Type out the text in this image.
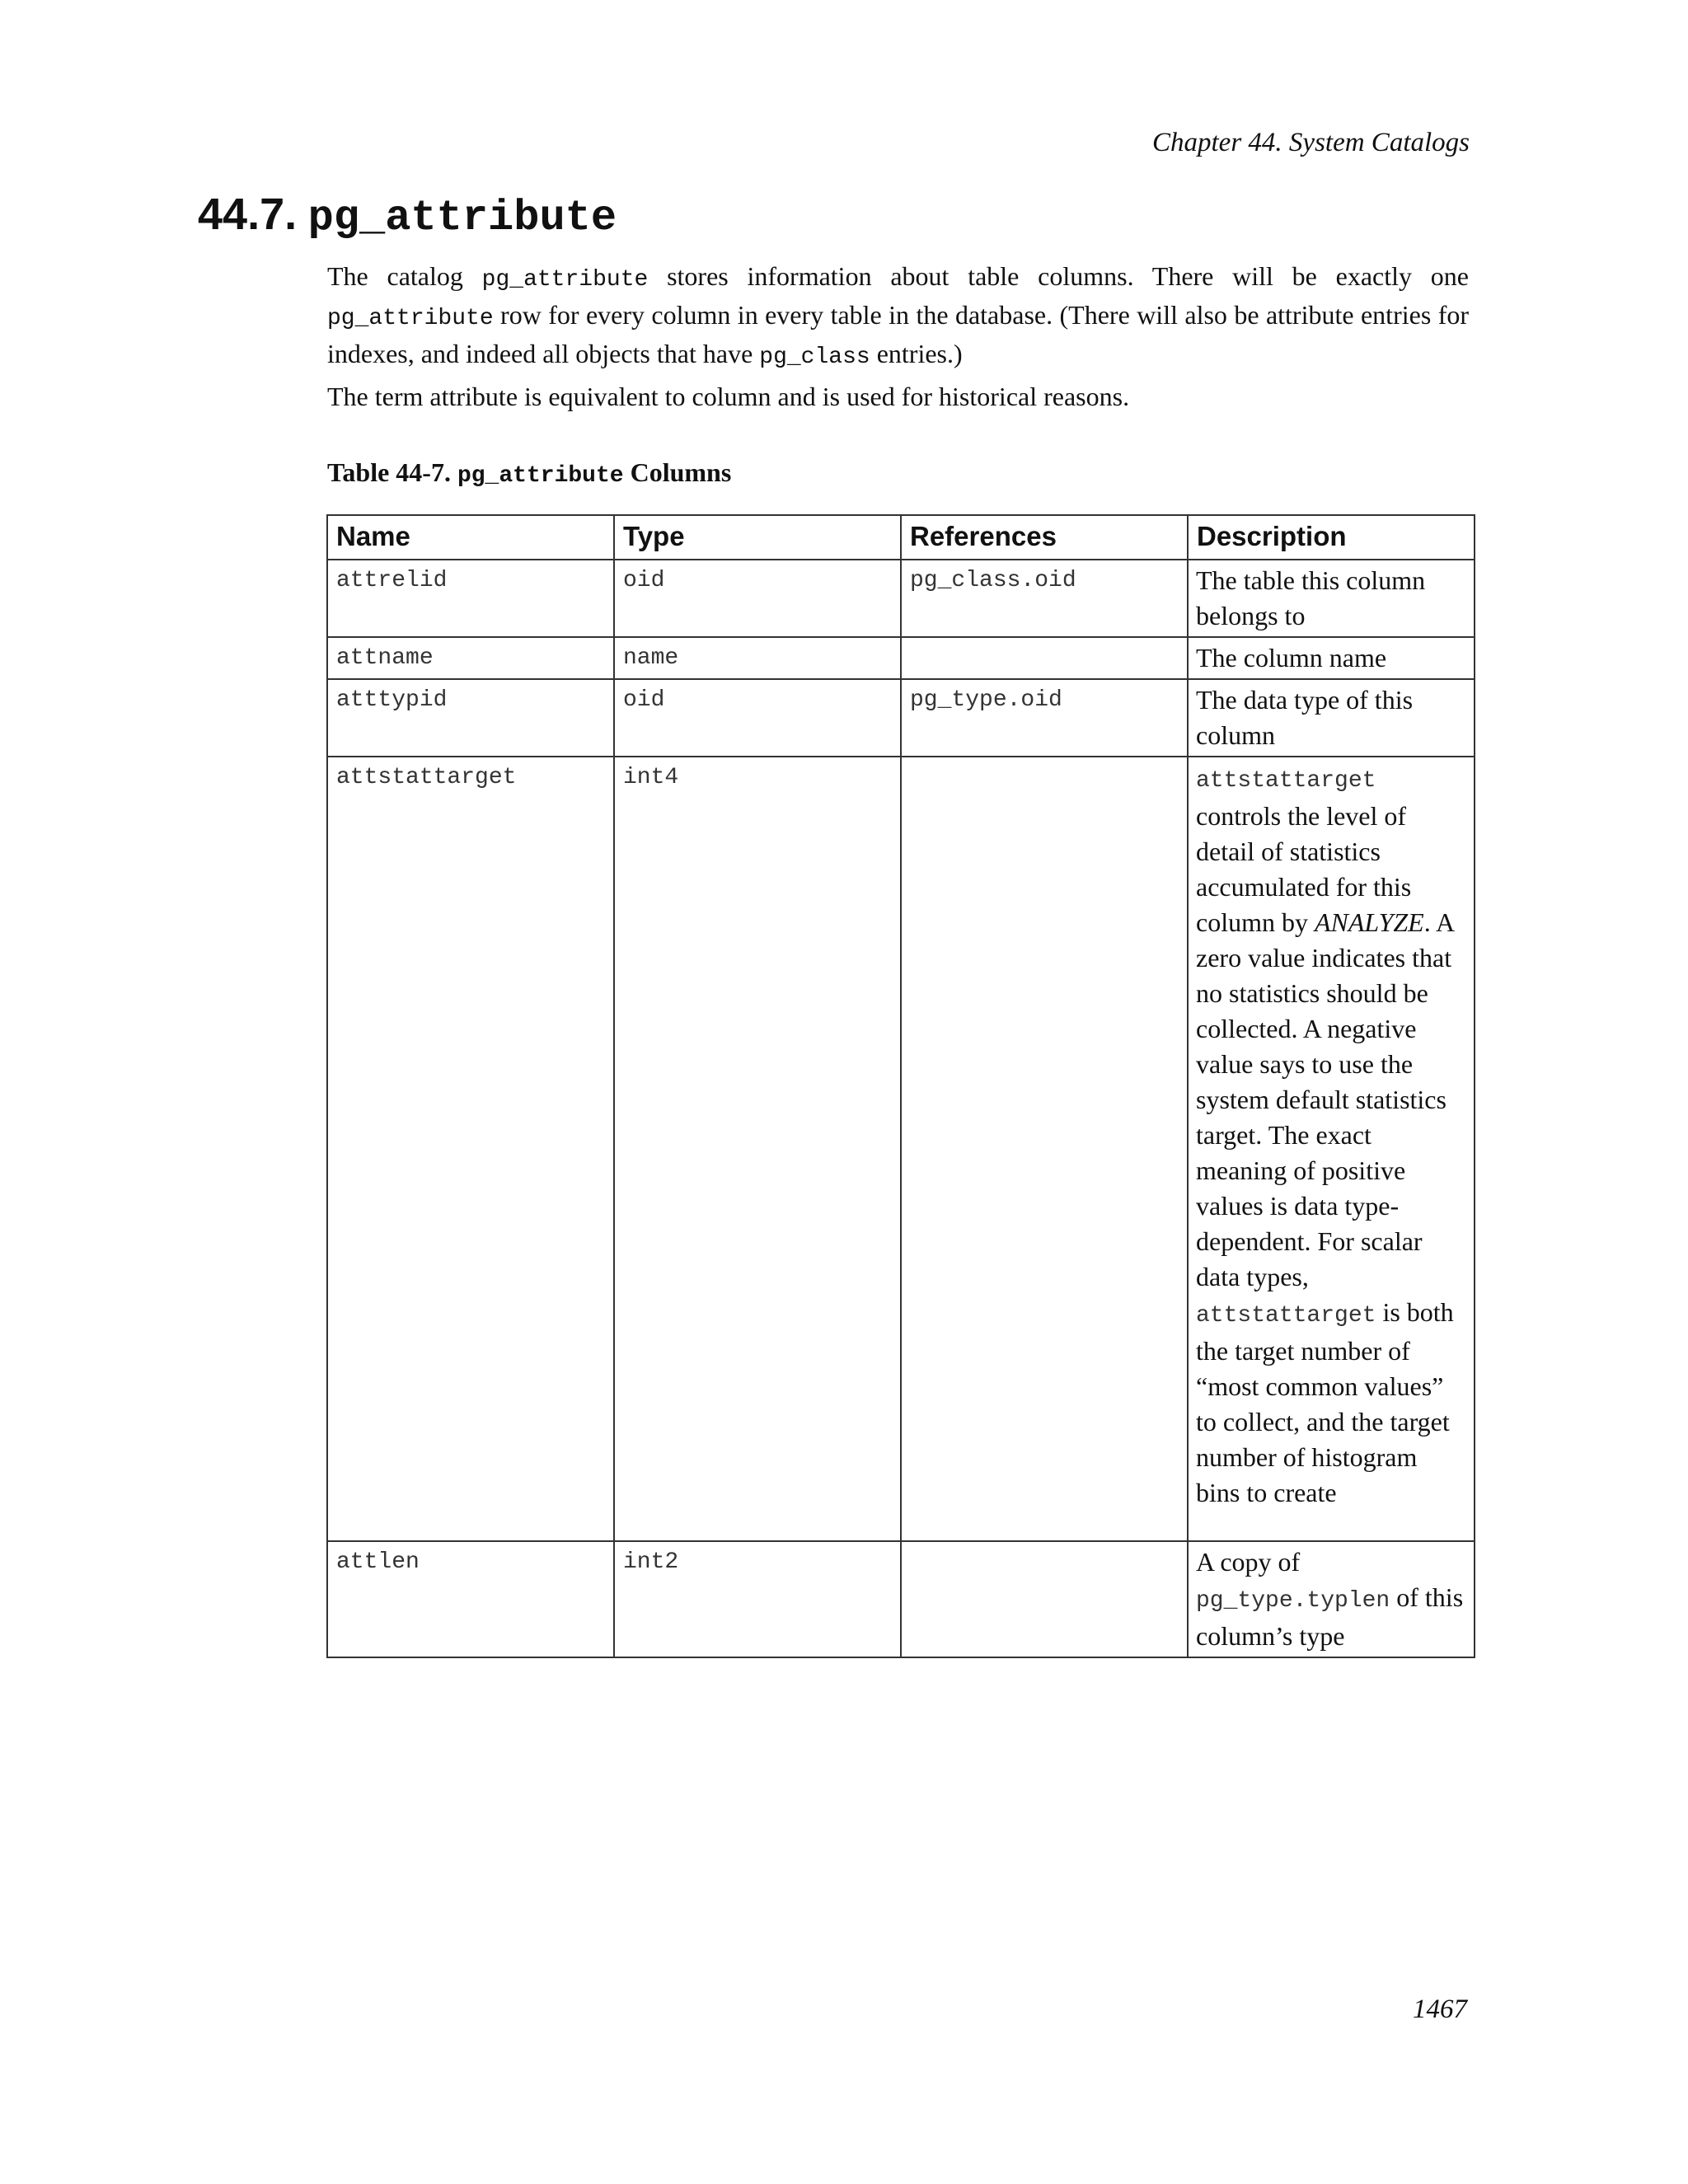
Chapter 44. System Catalogs
44.7. pg_attribute

The catalog pg_attribute stores information about table columns. There will be exactly one pg_attribute row for every column in every table in the database. (There will also be attribute entries for indexes, and indeed all objects that have pg_class entries.)

The term attribute is equivalent to column and is used for historical reasons.

Table 44-7. pg_attribute Columns

Name	Type	References	Description
attrelid	oid	pg_class.oid	The table this column belongs to
attname	name		The column name
atttypid	oid	pg_type.oid	The data type of this column
attstattarget	int4		attstattarget controls the level of detail of statistics accumulated for this column by ANALYZE. A zero value indicates that no statistics should be collected. A negative value says to use the system default statistics target. The exact meaning of positive values is data type-dependent. For scalar data types, attstattarget is both the target number of “most common values” to collect, and the target number of histogram bins to create
attlen	int2		A copy of pg_type.typlen of this column’s type
1467
